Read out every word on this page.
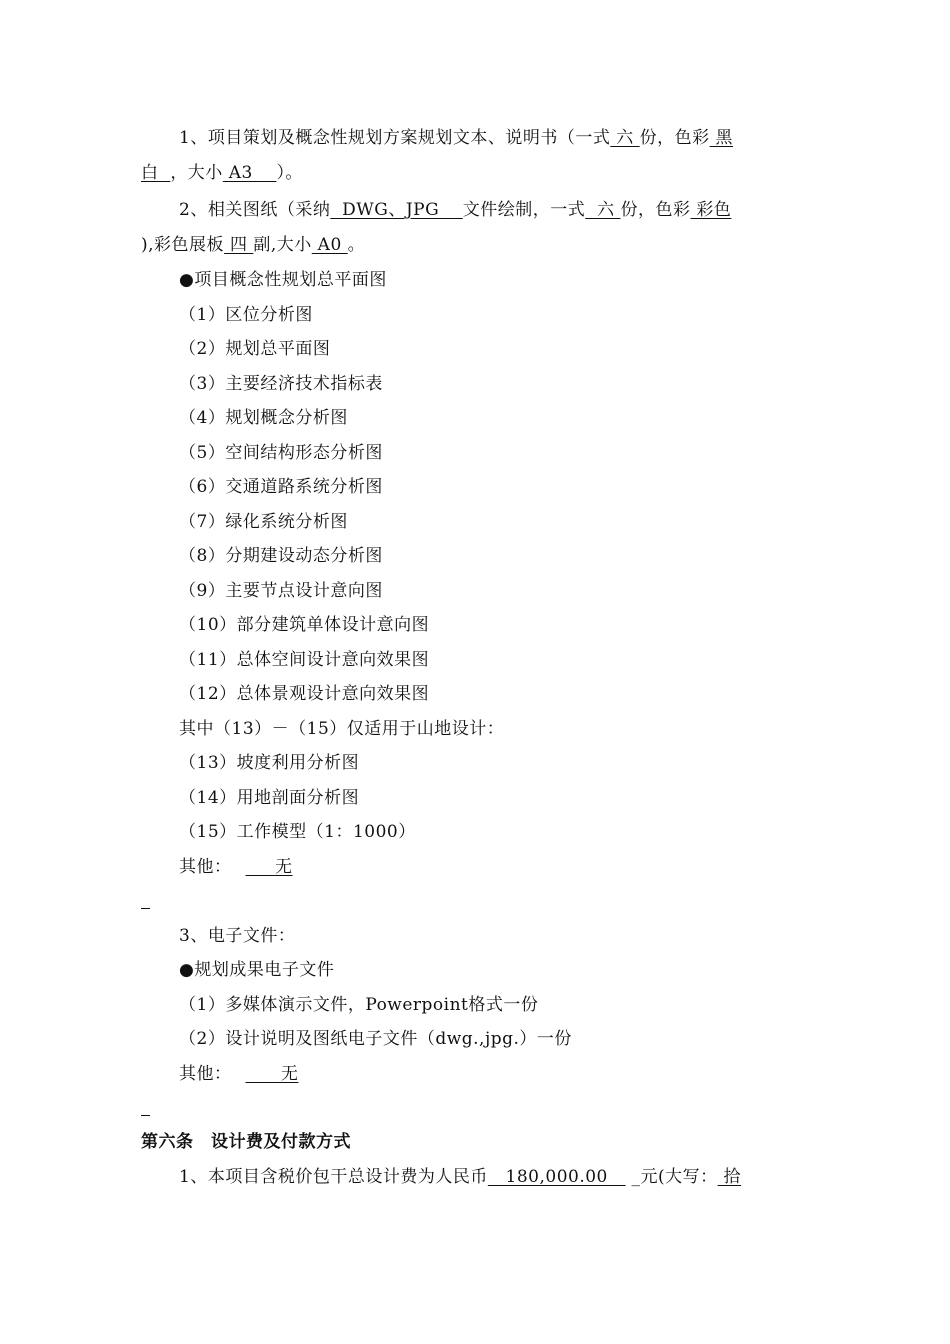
1、项目策划及概念性规划方案规划文本、说明书（一式 六 份，色彩 黑
白  ，大小 A3    ）。
2、相关图纸（采纳  DWG、JPG    文件绘制，一式  六 份，色彩 彩色
),彩色展板 四 副,大小 A0 。
●项目概念性规划总平面图
（1）区位分析图
（2）规划总平面图
（3）主要经济技术指标表
（4）规划概念分析图
（5）空间结构形态分析图
（6）交通道路系统分析图
（7）绿化系统分析图
（8）分期建设动态分析图
（9）主要节点设计意向图
（10）部分建筑单体设计意向图
（11）总体空间设计意向效果图
（12）总体景观设计意向效果图
其中（13）－（15）仅适用于山地设计：
（13）坡度利用分析图
（14）用地剖面分析图
（15）工作模型（1：1000）
其他：     无
3、电子文件：
●规划成果电子文件
（1）多媒体演示文件，Powerpoint格式一份
（2）设计说明及图纸电子文件（dwg.,jpg.）一份
其他：      无
第六条　设计费及付款方式
1、本项目含税价包干总设计费为人民币   180,000.00    _元(大写： 拾
